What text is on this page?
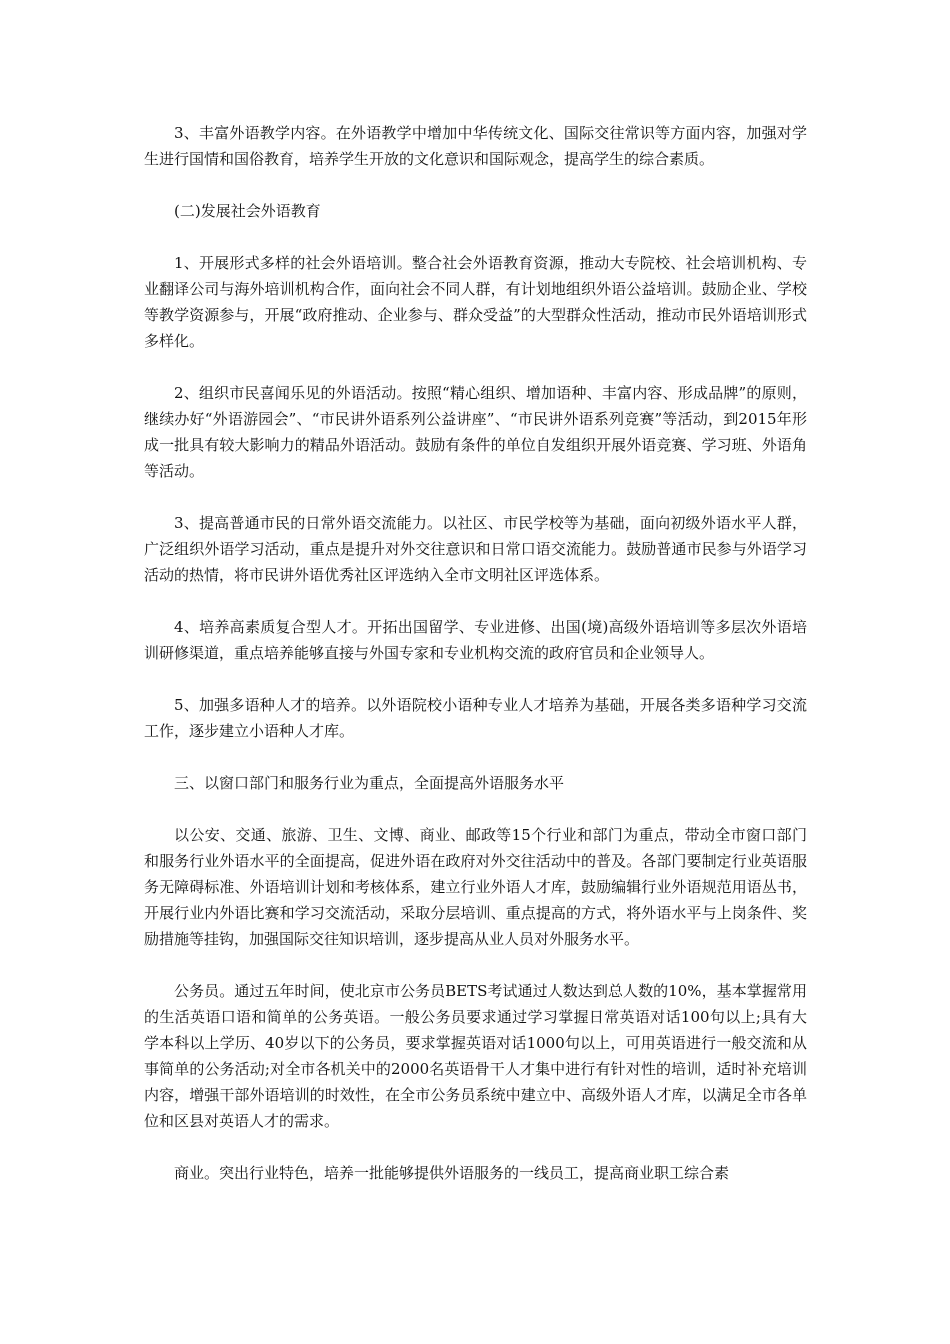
3、丰富外语教学内容。在外语教学中增加中华传统文化、国际交往常识等方面内容，加强对学生进行国情和国俗教育，培养学生开放的文化意识和国际观念，提高学生的综合素质。

(二)发展社会外语教育

1、开展形式多样的社会外语培训。整合社会外语教育资源，推动大专院校、社会培训机构、专业翻译公司与海外培训机构合作，面向社会不同人群，有计划地组织外语公益培训。鼓励企业、学校等教学资源参与，开展“政府推动、企业参与、群众受益”的大型群众性活动，推动市民外语培训形式多样化。

2、组织市民喜闻乐见的外语活动。按照“精心组织、增加语种、丰富内容、形成品牌”的原则，继续办好“外语游园会”、“市民讲外语系列公益讲座”、“市民讲外语系列竞赛”等活动，到2015年形成一批具有较大影响力的精品外语活动。鼓励有条件的单位自发组织开展外语竞赛、学习班、外语角等活动。

3、提高普通市民的日常外语交流能力。以社区、市民学校等为基础，面向初级外语水平人群，广泛组织外语学习活动，重点是提升对外交往意识和日常口语交流能力。鼓励普通市民参与外语学习活动的热情，将市民讲外语优秀社区评选纳入全市文明社区评选体系。

4、培养高素质复合型人才。开拓出国留学、专业进修、出国(境)高级外语培训等多层次外语培训研修渠道，重点培养能够直接与外国专家和专业机构交流的政府官员和企业领导人。

5、加强多语种人才的培养。以外语院校小语种专业人才培养为基础，开展各类多语种学习交流工作，逐步建立小语种人才库。

三、以窗口部门和服务行业为重点，全面提高外语服务水平

以公安、交通、旅游、卫生、文博、商业、邮政等15个行业和部门为重点，带动全市窗口部门和服务行业外语水平的全面提高，促进外语在政府对外交往活动中的普及。各部门要制定行业英语服务无障碍标准、外语培训计划和考核体系，建立行业外语人才库，鼓励编辑行业外语规范用语丛书，开展行业内外语比赛和学习交流活动，采取分层培训、重点提高的方式，将外语水平与上岗条件、奖励措施等挂钩，加强国际交往知识培训，逐步提高从业人员对外服务水平。

公务员。通过五年时间，使北京市公务员BETS考试通过人数达到总人数的10%，基本掌握常用的生活英语口语和简单的公务英语。一般公务员要求通过学习掌握日常英语对话100句以上;具有大学本科以上学历、40岁以下的公务员，要求掌握英语对话1000句以上，可用英语进行一般交流和从事简单的公务活动;对全市各机关中的2000名英语骨干人才集中进行有针对性的培训，适时补充培训内容，增强干部外语培训的时效性，在全市公务员系统中建立中、高级外语人才库，以满足全市各单位和区县对英语人才的需求。

商业。突出行业特色，培养一批能够提供外语服务的一线员工，提高商业职工综合素
